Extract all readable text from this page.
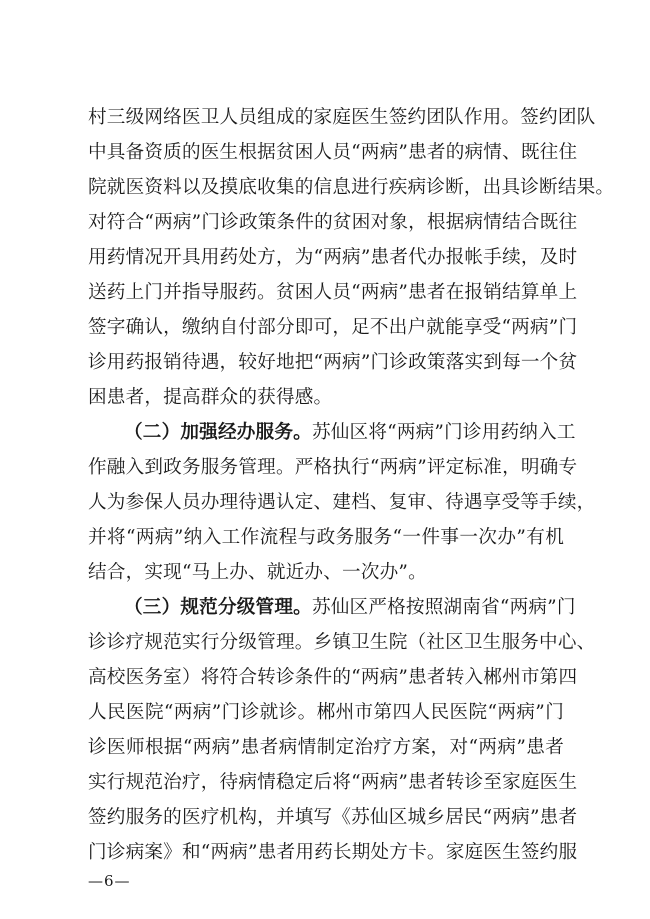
村三级网络医卫人员组成的家庭医生签约团队作用。签约团队
中具备资质的医生根据贫困人员“两病”患者的病情、既往住
院就医资料以及摸底收集的信息进行疾病诊断，出具诊断结果。
对符合“两病”门诊政策条件的贫困对象，根据病情结合既往
用药情况开具用药处方，为“两病”患者代办报帐手续，及时
送药上门并指导服药。贫困人员“两病”患者在报销结算单上
签字确认，缴纳自付部分即可，足不出户就能享受“两病”门
诊用药报销待遇，较好地把“两病”门诊政策落实到每一个贫
困患者，提高群众的获得感。
（二）加强经办服务。苏仙区将“两病”门诊用药纳入工
作融入到政务服务管理。严格执行“两病”评定标准，明确专
人为参保人员办理待遇认定、建档、复审、待遇享受等手续，
并将“两病”纳入工作流程与政务服务“一件事一次办”有机
结合，实现“马上办、就近办、一次办”。
（三）规范分级管理。苏仙区严格按照湖南省“两病”门
诊诊疗规范实行分级管理。乡镇卫生院（社区卫生服务中心、
高校医务室）将符合转诊条件的“两病”患者转入郴州市第四
人民医院“两病”门诊就诊。郴州市第四人民医院“两病”门
诊医师根据“两病”患者病情制定治疗方案，对“两病”患者
实行规范治疗，待病情稳定后将“两病”患者转诊至家庭医生
签约服务的医疗机构，并填写《苏仙区城乡居民“两病”患者
门诊病案》和“两病”患者用药长期处方卡。家庭医生签约服
—6—
